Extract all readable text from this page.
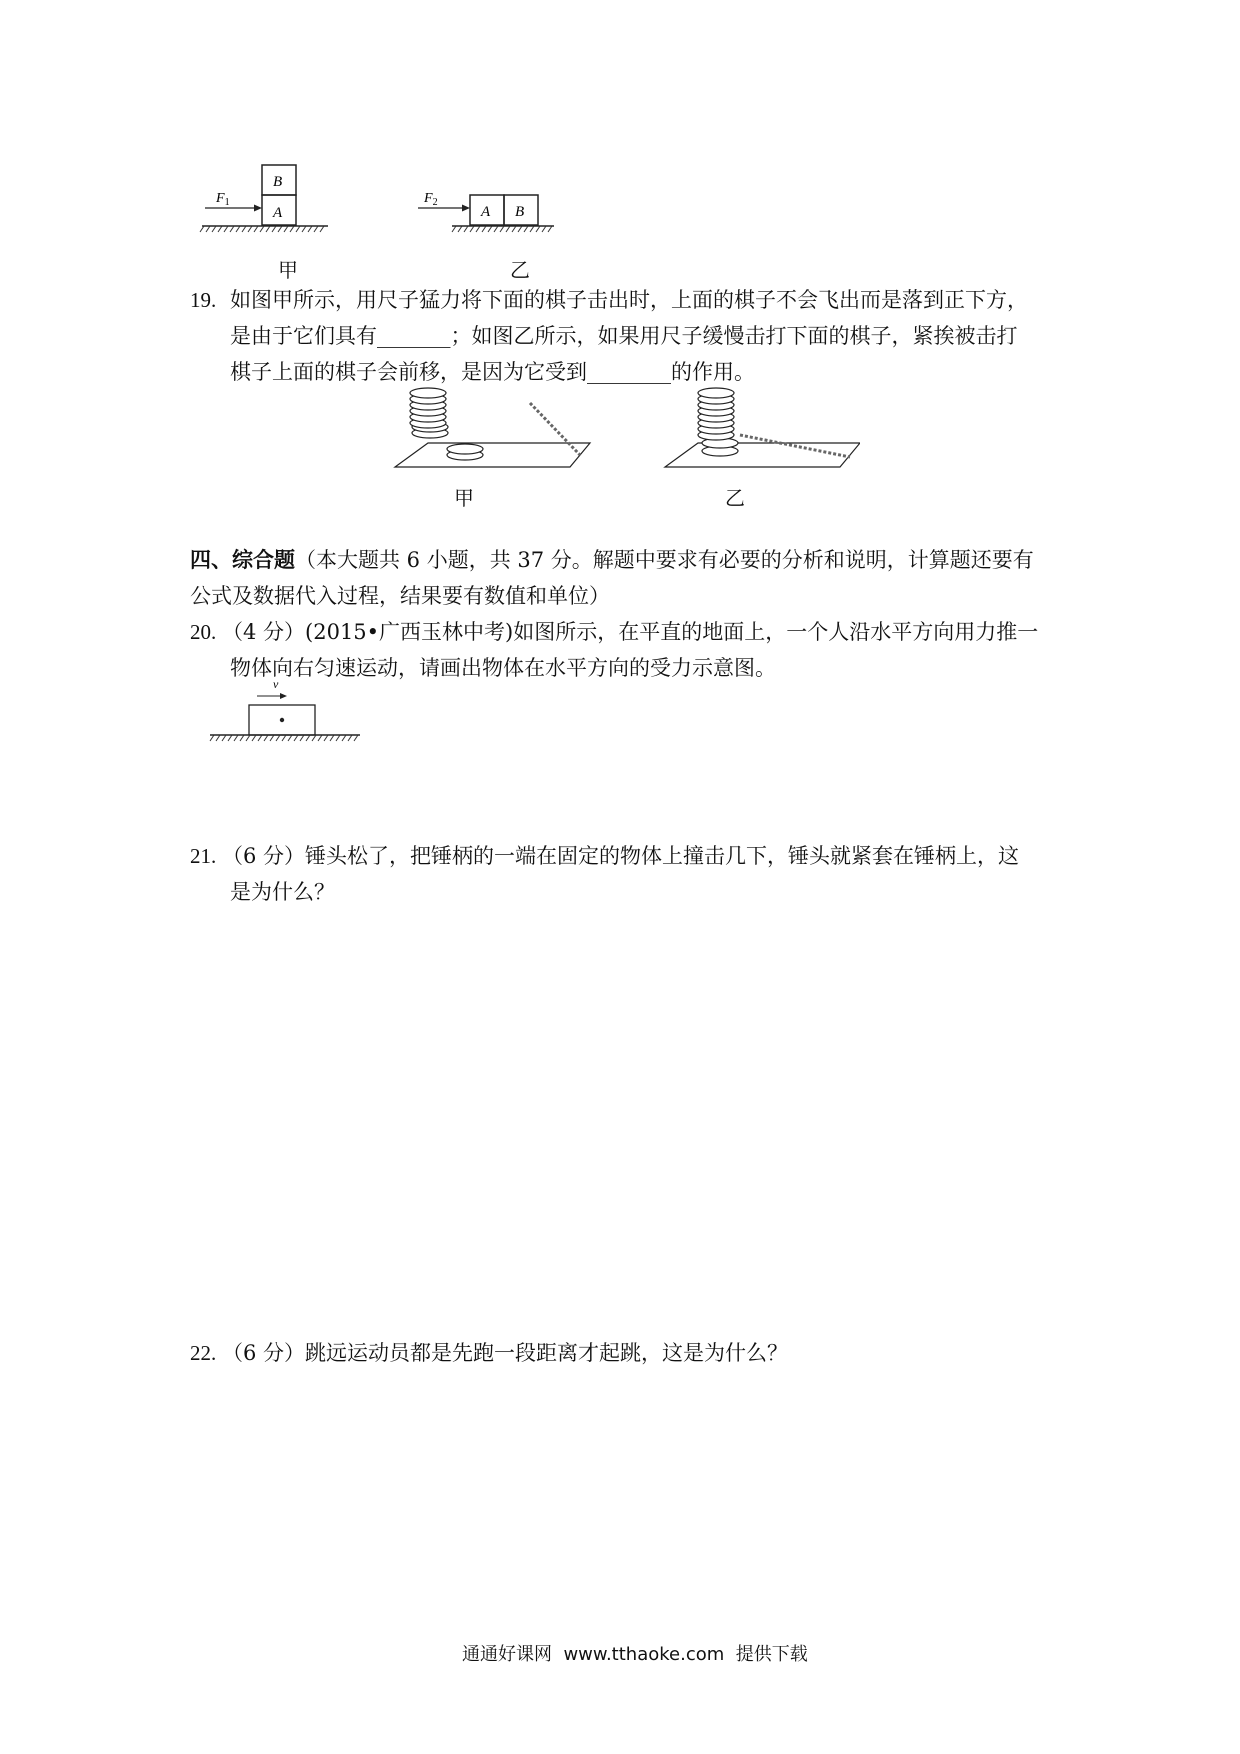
B
A
$F_1$
A B
$F_2$
甲	乙
19. 如图甲所示，用尺子猛力将下面的棋子击出时，上面的棋子不会飞出而是落到正下方，
是由于它们具有_______；如图乙所示，如果用尺子缓慢击打下面的棋子，紧挨被击打
棋子上面的棋子会前移，是因为它受到________的作用。
甲	乙
四、综合题（本大题共 6 小题，共 37 分。解题中要求有必要的分析和说明，计算题还要有
公式及数据代入过程，结果要有数值和单位）
20. （4 分）(2015•广西玉林中考)如图所示，在平直的地面上，一个人沿水平方向用力推一
物体向右匀速运动，请画出物体在水平方向的受力示意图。
v
21. （6 分）锤头松了，把锤柄的一端在固定的物体上撞击几下，锤头就紧套在锤柄上，这
是为什么？
22. （6 分）跳远运动员都是先跑一段距离才起跳，这是为什么？
通通好课网  www.tthaoke.com  提供下载
